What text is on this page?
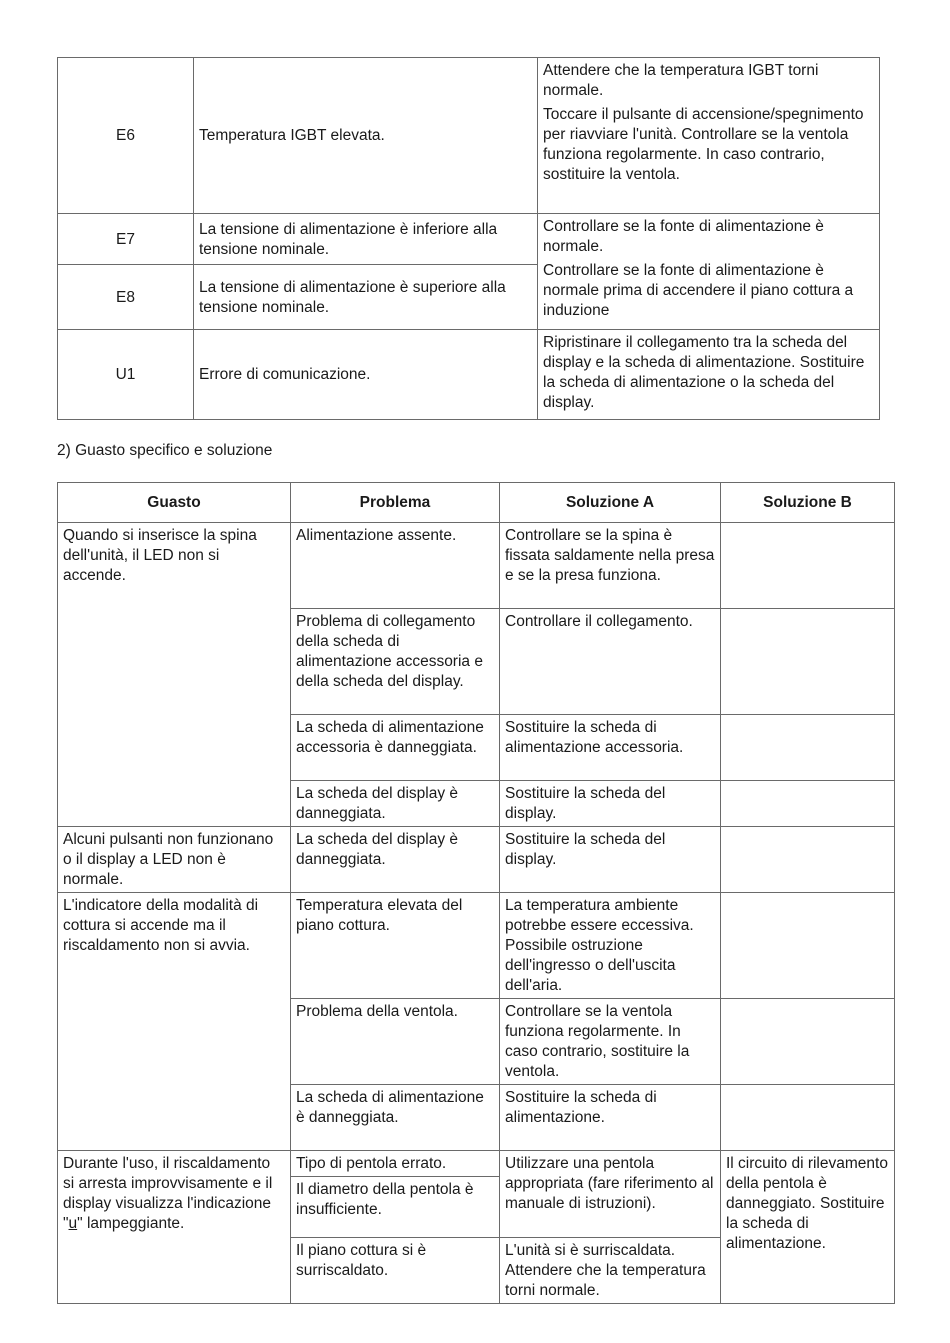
E6	Temperatura IGBT elevata.	Attendere che la temperatura IGBT torni normale.

Toccare il pulsante di accensione/spegnimento per riavviare l'unità. Controllare se la ventola funziona regolarmente. In caso contrario, sostituire la ventola.

E7	La tensione di alimentazione è inferiore alla tensione nominale.	Controllare se la fonte di alimentazione è normale.

Controllare se la fonte di alimentazione è normale prima di accendere il piano cottura a induzione

E8	La tensione di alimentazione è superiore alla tensione nominale.	
U1	Errore di comunicazione.	Ripristinare il collegamento tra la scheda del display e la scheda di alimentazione. Sostituire la scheda di alimentazione o la scheda del display.

2) Guasto specifico e soluzione
Guasto	Problema	Soluzione A	Soluzione B
Quando si inserisce la spina dell'unità, il LED non si accende.	Alimentazione assente.	Controllare se la spina è fissata saldamente nella presa e se la presa funziona.	
	Problema di collegamento della scheda di alimentazione accessoria e della scheda del display.	Controllare il collegamento.	
	La scheda di alimentazione accessoria è danneggiata.	Sostituire la scheda di alimentazione accessoria.	
	La scheda del display è danneggiata.	Sostituire la scheda del display.	
Alcuni pulsanti non funzionano o il display a LED non è normale.	La scheda del display è danneggiata.	Sostituire la scheda del display.	
L'indicatore della modalità di cottura si accende ma il riscaldamento non si avvia.	Temperatura elevata del piano cottura.	La temperatura ambiente potrebbe essere eccessiva. Possibile ostruzione dell'ingresso o dell'uscita dell'aria.	
	Problema della ventola.	Controllare se la ventola funziona regolarmente. In caso contrario, sostituire la ventola.	
	La scheda di alimentazione è danneggiata.	Sostituire la scheda di alimentazione.	
Durante l'uso, il riscaldamento si arresta improvvisamente e il display visualizza l'indicazione "u" lampeggiante.	Tipo di pentola errato.	Utilizzare una pentola appropriata (fare riferimento al manuale di istruzioni).	Il circuito di rilevamento della pentola è danneggiato. Sostituire la scheda di alimentazione.
	Il diametro della pentola è insufficiente.		
	Il piano cottura si è surriscaldato.	L'unità si è surriscaldata. Attendere che la temperatura torni normale.	
